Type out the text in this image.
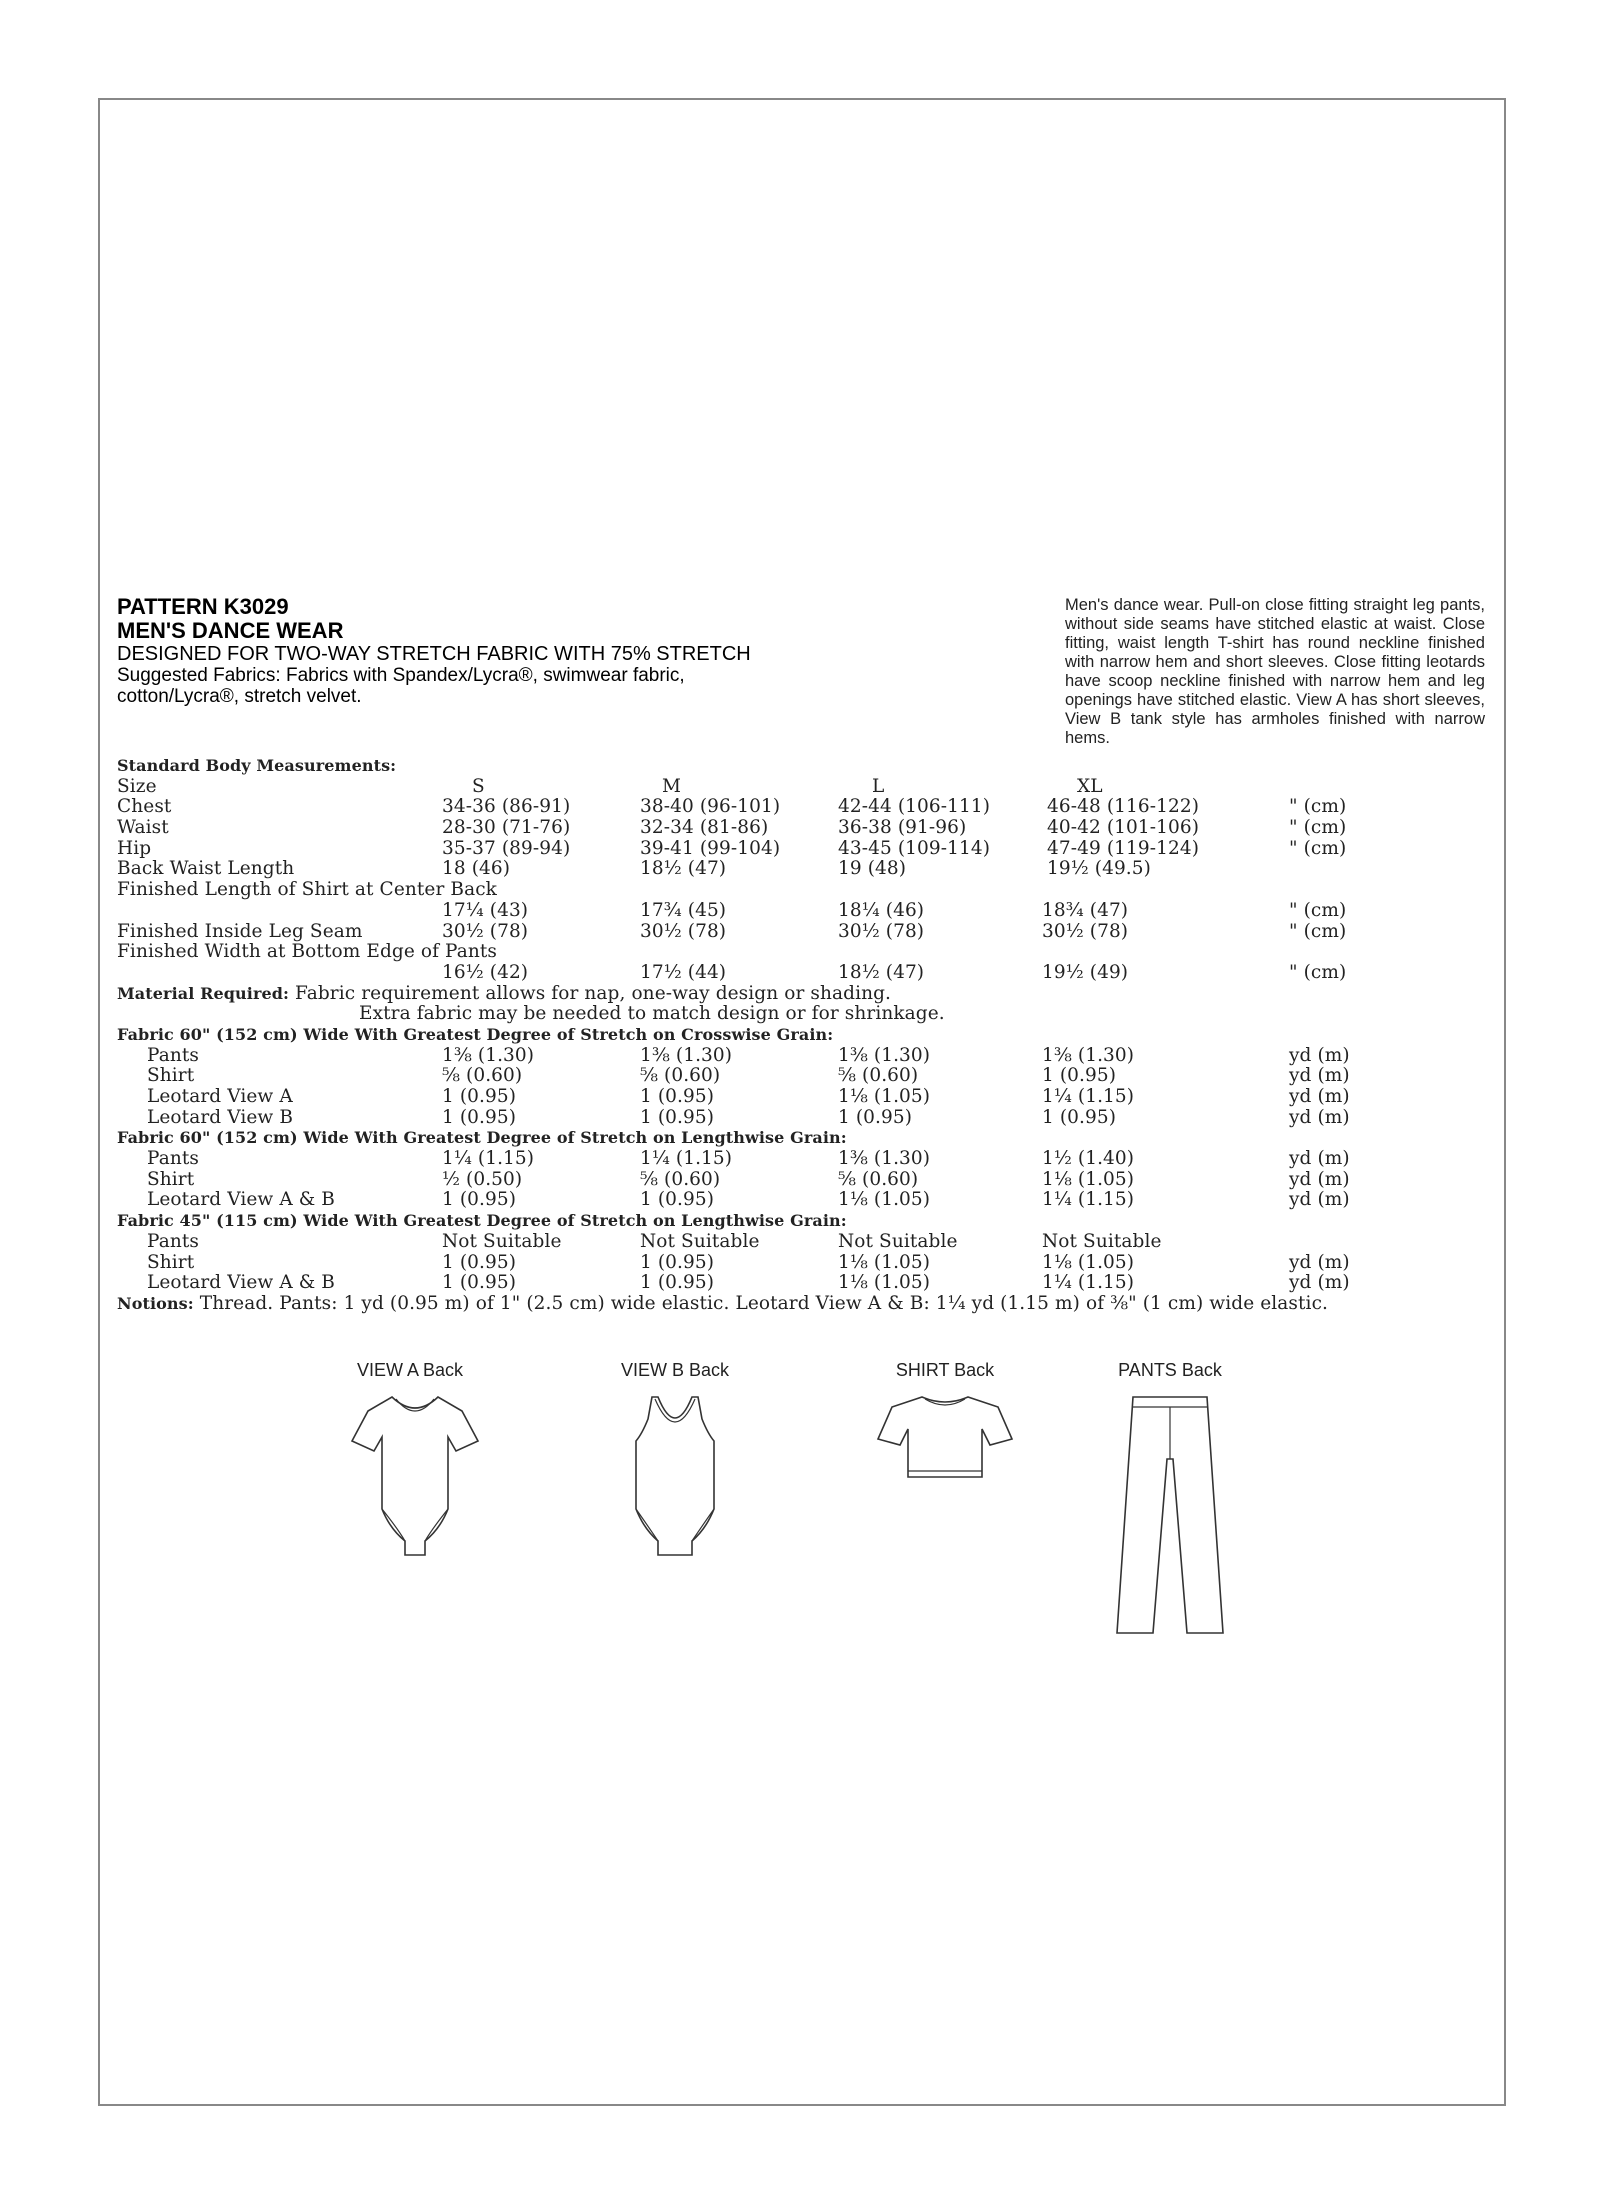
PATTERN K3029
MEN'S DANCE WEAR
DESIGNED FOR TWO-WAY STRETCH FABRIC WITH 75% STRETCH
Suggested Fabrics: Fabrics with Spandex/Lycra®, swimwear fabric,
cotton/Lycra®, stretch velvet.
Men's dance wear. Pull-on close fitting straight leg pants, without side seams have stitched elastic at waist. Close fitting, waist length T-shirt has round neckline finished with narrow hem and short sleeves. Close fitting leotards have scoop neckline finished with narrow hem and leg openings have stitched elastic. View A has short sleeves, View B tank style has armholes finished with narrow hems.
Standard Body Measurements:
Size	S	M	L	XL
Chest	34-36 (86-91)	38-40 (96-101)	42-44 (106-111)	46-48 (116-122)	" (cm)
Waist	28-30 (71-76)	32-34 (81-86)	36-38 (91-96)	40-42 (101-106)	" (cm)
Hip	35-37 (89-94)	39-41 (99-104)	43-45 (109-114)	47-49 (119-124)	" (cm)
Back Waist Length	18 (46)	18½ (47)	19 (48)	19½ (49.5)
Finished Length of Shirt at Center Back
17¼ (43)	17¾ (45)	18¼ (46)	18¾ (47)	" (cm)
Finished Inside Leg Seam	30½ (78)	30½ (78)	30½ (78)	30½ (78)	" (cm)
Finished Width at Bottom Edge of Pants
16½ (42)	17½ (44)	18½ (47)	19½ (49)	" (cm)
Material Required: Fabric requirement allows for nap, one-way design or shading.
Extra fabric may be needed to match design or for shrinkage.
Fabric 60" (152 cm) Wide With Greatest Degree of Stretch on Crosswise Grain:
Pants	1⅜ (1.30)	1⅜ (1.30)	1⅜ (1.30)	1⅜ (1.30)	yd (m)
Shirt	⅝ (0.60)	⅝ (0.60)	⅝ (0.60)	1 (0.95)	yd (m)
Leotard View A	1 (0.95)	1 (0.95)	1⅛ (1.05)	1¼ (1.15)	yd (m)
Leotard View B	1 (0.95)	1 (0.95)	1 (0.95)	1 (0.95)	yd (m)
Fabric 60" (152 cm) Wide With Greatest Degree of Stretch on Lengthwise Grain:
Pants	1¼ (1.15)	1¼ (1.15)	1⅜ (1.30)	1½ (1.40)	yd (m)
Shirt	½ (0.50)	⅝ (0.60)	⅝ (0.60)	1⅛ (1.05)	yd (m)
Leotard View A & B	1 (0.95)	1 (0.95)	1⅛ (1.05)	1¼ (1.15)	yd (m)
Fabric 45" (115 cm) Wide With Greatest Degree of Stretch on Lengthwise Grain:
Pants	Not Suitable	Not Suitable	Not Suitable	Not Suitable
Shirt	1 (0.95)	1 (0.95)	1⅛ (1.05)	1⅛ (1.05)	yd (m)
Leotard View A & B	1 (0.95)	1 (0.95)	1⅛ (1.05)	1¼ (1.15)	yd (m)
Notions: Thread. Pants: 1 yd (0.95 m) of 1" (2.5 cm) wide elastic. Leotard View A & B: 1¼ yd (1.15 m) of ⅜" (1 cm) wide elastic.
VIEW A Back	VIEW B Back	SHIRT Back	PANTS Back
